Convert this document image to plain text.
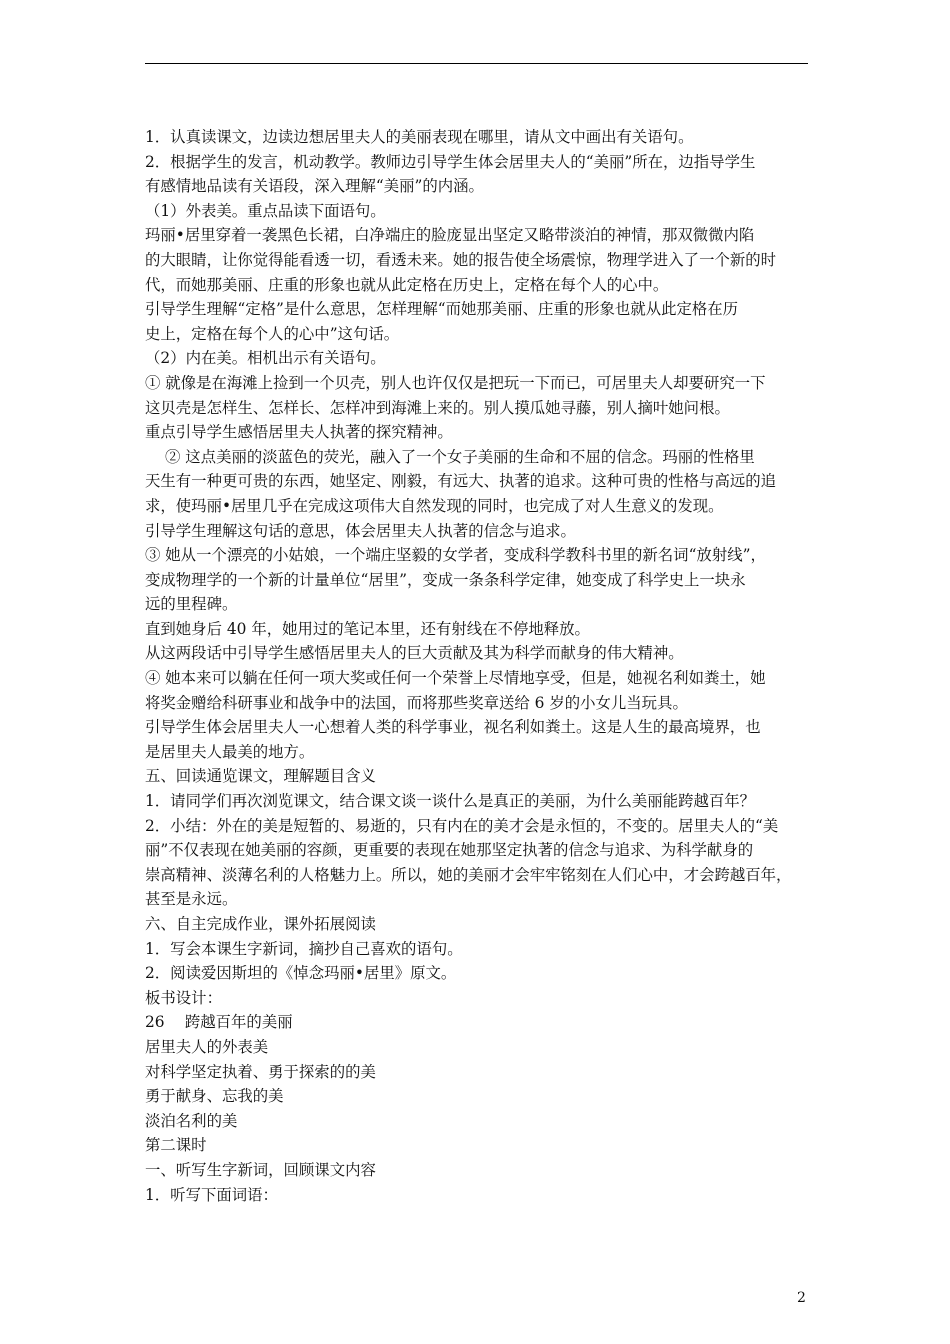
1．认真读课文，边读边想居里夫人的美丽表现在哪里，请从文中画出有关语句。
2．根据学生的发言，机动教学。教师边引导学生体会居里夫人的“美丽”所在，边指导学生
有感情地品读有关语段，深入理解“美丽”的内涵。
（1）外表美。重点品读下面语句。
玛丽•居里穿着一袭黑色长裙，白净端庄的脸庞显出坚定又略带淡泊的神情，那双微微内陷
的大眼睛，让你觉得能看透一切，看透未来。她的报告使全场震惊，物理学进入了一个新的时
代，而她那美丽、庄重的形象也就从此定格在历史上，定格在每个人的心中。
引导学生理解“定格”是什么意思，怎样理解“而她那美丽、庄重的形象也就从此定格在历
史上，定格在每个人的心中”这句话。
（2）内在美。相机出示有关语句。
① 就像是在海滩上捡到一个贝壳，别人也许仅仅是把玩一下而已，可居里夫人却要研究一下
这贝壳是怎样生、怎样长、怎样冲到海滩上来的。别人摸瓜她寻藤，别人摘叶她问根。
重点引导学生感悟居里夫人执著的探究精神。
② 这点美丽的淡蓝色的荧光，融入了一个女子美丽的生命和不屈的信念。玛丽的性格里
天生有一种更可贵的东西，她坚定、刚毅，有远大、执著的追求。这种可贵的性格与高远的追
求，使玛丽•居里几乎在完成这项伟大自然发现的同时，也完成了对人生意义的发现。
引导学生理解这句话的意思，体会居里夫人执著的信念与追求。
③ 她从一个漂亮的小姑娘，一个端庄坚毅的女学者，变成科学教科书里的新名词“放射线”，
变成物理学的一个新的计量单位“居里”，变成一条条科学定律，她变成了科学史上一块永
远的里程碑。
直到她身后 40 年，她用过的笔记本里，还有射线在不停地释放。
从这两段话中引导学生感悟居里夫人的巨大贡献及其为科学而献身的伟大精神。
④ 她本来可以躺在任何一项大奖或任何一个荣誉上尽情地享受，但是，她视名利如粪土，她
将奖金赠给科研事业和战争中的法国，而将那些奖章送给 6 岁的小女儿当玩具。
引导学生体会居里夫人一心想着人类的科学事业，视名利如粪土。这是人生的最高境界，也
是居里夫人最美的地方。
五、回读通览课文，理解题目含义
1．请同学们再次浏览课文，结合课文谈一谈什么是真正的美丽，为什么美丽能跨越百年？
2．小结：外在的美是短暂的、易逝的，只有内在的美才会是永恒的，不变的。居里夫人的“美
丽”不仅表现在她美丽的容颜，更重要的表现在她那坚定执著的信念与追求、为科学献身的
崇高精神、淡薄名利的人格魅力上。所以，她的美丽才会牢牢铭刻在人们心中，才会跨越百年，
甚至是永远。
六、自主完成作业，课外拓展阅读
1．写会本课生字新词，摘抄自己喜欢的语句。
2．阅读爱因斯坦的《悼念玛丽•居里》原文。
板书设计：
26　 跨越百年的美丽
居里夫人的外表美
对科学坚定执着、勇于探索的的美
勇于献身、忘我的美
淡泊名利的美
第二课时
一、听写生字新词，回顾课文内容
1．听写下面词语：
2
